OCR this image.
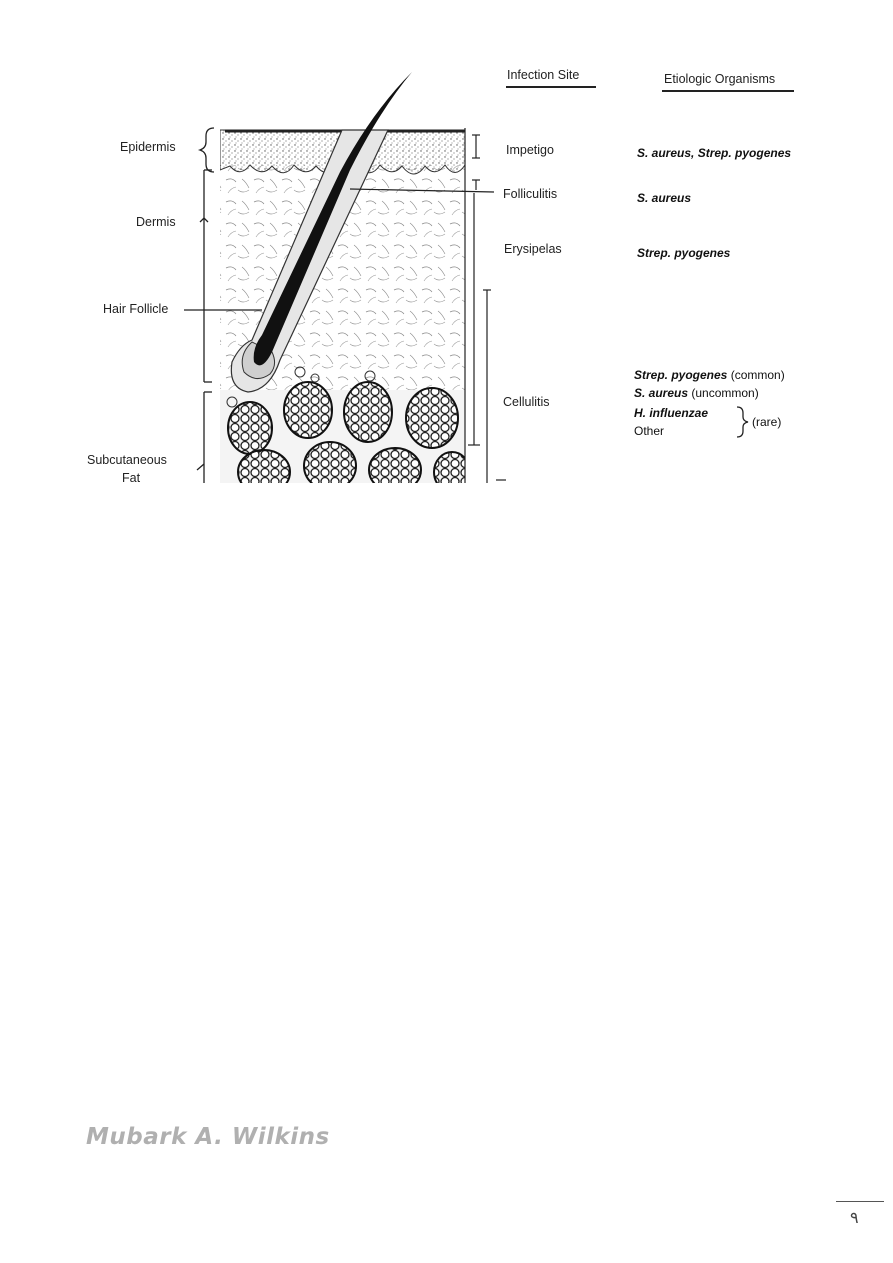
Infection Site	Etiologic Organisms
Epidermis
Dermis
Hair Follicle
Subcutaneous
Fat
Impetigo
Folliculitis
Erysipelas
Cellulitis
S. aureus, Strep. pyogenes
S. aureus
Strep. pyogenes
Strep. pyogenes (common)
S. aureus (uncommon)
H. influenzae
Other
(rare)
Mubark A. Wilkins
٩
